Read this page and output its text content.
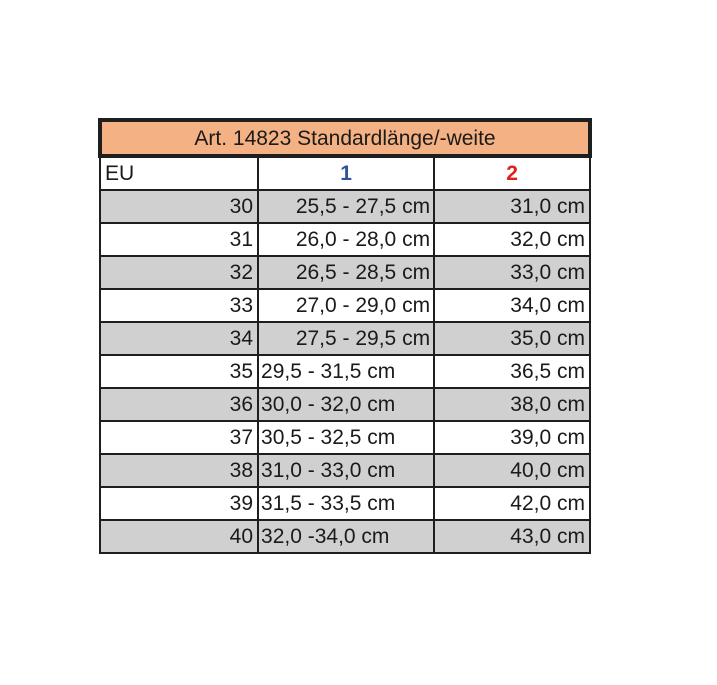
Art. 14823 Standardlänge/-weite		
EU	1	2
30	25,5 - 27,5 cm	31,0 cm
31	26,0 - 28,0 cm	32,0 cm
32	26,5 - 28,5 cm	33,0 cm
33	27,0 - 29,0 cm	34,0 cm
34	27,5 - 29,5 cm	35,0 cm
35	29,5 - 31,5 cm	36,5 cm
36	30,0 - 32,0 cm	38,0 cm
37	30,5 - 32,5 cm	39,0 cm
38	31,0 - 33,0 cm	40,0 cm
39	31,5 - 33,5 cm	42,0 cm
40	32,0 -34,0 cm	43,0 cm
